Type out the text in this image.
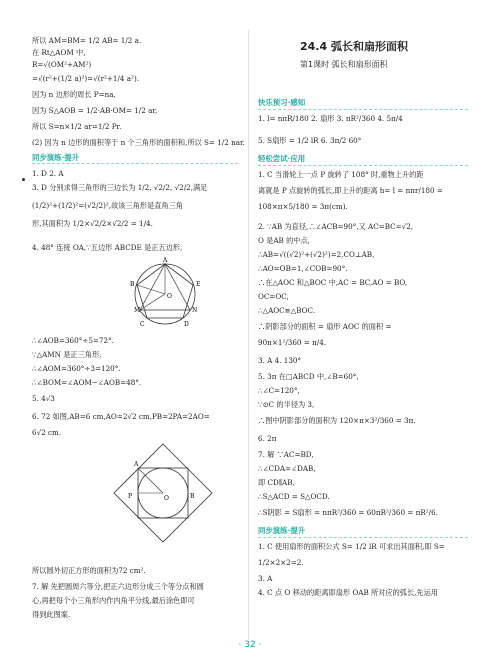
所以 AM=BM= 1/2 AB= 1/2 a.
在 Rt△AOM 中,
R=√(OM²+AM²)
=√(r²+(1/2 a)²)=√(r²+1/4 a²).
因为 n 边形的周长 P=na,
因为 S△AOB = 1/2·AB·OM= 1/2 ar,
所以 S=n×1/2 ar=1/2 Pr.
(2) 因为 n 边形的面积等于 n 个三角形的面积和,所以 S= 1/2 nar.
1. D 2. A
3. D 分别求得三角形的三边长为 1/2, √2/2, √2/2,满足
(1/2)²+(1/2)²=(√2/2)²,故该三角形是直角三角
形,其面积为 1/2×√2/2×√2/2 = 1/4.
4. 48° 连接 OA,∵五边形 ABCDE 是正五边形,
∴∠AOB=360°÷5=72°.
∵△AMN 是正三角形,
∴∠AOM=360°÷3=120°.
∴∠BOM=∠AOM−∠AOB=48°.
5. 4√3
6. 72 如图,AB=6 cm,AO=2√2 cm,PB=2PA=2AO=
6√2 cm.
所以圆外切正方形的面积为72 cm².
7. 解 先把圆周六等分,把正六边形分成三个等分点和圆
心,再把每个小三角形内作内角平分线,最后涂色即可
得到此图案.
同步演练·提升
A
B
C	D
E
M	N
O
P
A
O	B
24.4 弧长和扇形面积
第1课时 弧长和扇形面积
1. l= nπR/180 2. 扇形 3. πR²/360 4. 5π/4
5. S扇形 = 1/2 lR 6. 3π/2 60°
1. C 当滑轮上一点 P 旋转了 108° 时,重物上升的距
离就是 P 点旋转的弧长,即上升的距离 h= l = nπr/180 =
108×π×5/180 = 3π(cm).
2. ∵AB 为直径,∴∠ACB=90°,又 AC=BC=√2,
O 是AB 的中点,
∴AB=√((√2)²+(√2)²)=2,CO⊥AB,
∴AO=OB=1,∠COB=90°.
∴在△AOC 和△BOC 中,AC = BC,AO = BO,
OC=OC,
∴△AOC≌△BOC.
∴阴影部分的面积 = 扇形 AOC 的面积 =
90π×1²/360 = π/4.
3. A 4. 130°
5. 3π 在□ABCD 中,∠B=60°,
∴∠C=120°,
∵⊙C 的半径为 3,
∴图中阴影部分的面积为 120×π×3²/360 = 3π.
6. 2π
7. 解 ∵AC=BD,
∴∠CDA=∠DAB,
即 CD∥AB,
∴S△ACD = S△OCD.
∴S阴影 = S扇形 = nπR²/360 = 60πR²/360 = πR²/6.
1. C 使用扇形的面积公式 S= 1/2 lR 可求出其面积,即 S=
1/2×2×2=2.
3. A
4. C 点 O 移动的距离即扇形 OAB 所对应的弧长,先运用
· 32 ·
快乐预习·感知
轻松尝试·应用
同步演练·提升
